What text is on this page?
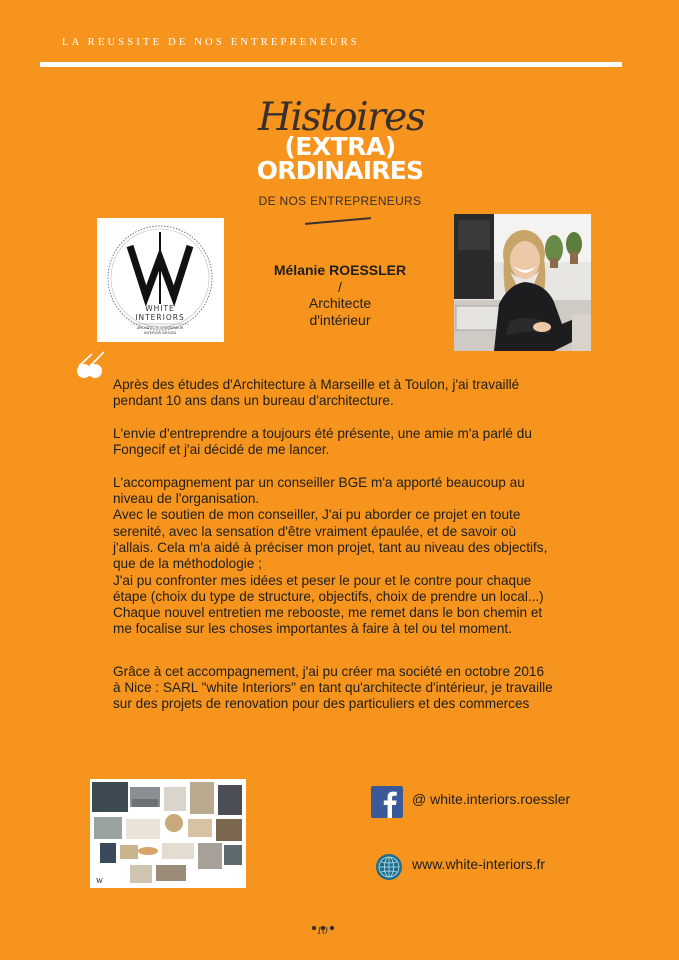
LA REUSSITE DE NOS ENTREPRENEURS
Histoires
(EXTRA)
ORDINAIRES
DE NOS ENTREPRENEURS
WHITE
INTERIORS
ARCHITECTE D'INTERIEUR
INTERIOR DESIGN
Mélanie ROESSLER
/
Architecte
d'intérieur

Après des études d'Architecture à Marseille et à Toulon, j'ai travaillé

pendant 10 ans dans un bureau d'architecture.

L'envie d'entreprendre a toujours été présente, une amie m'a parlé du

Fongecif et j'ai décidé de me lancer.

L'accompagnement par un conseiller BGE m'a apporté beaucoup au

niveau de l'organisation.

Avec le soutien de mon conseiller, J'ai pu aborder ce projet en toute

serenité, avec la sensation d'être vraiment épaulée, et de savoir où

j'allais. Cela m'a aidé à préciser mon projet, tant au niveau des objectifs,

que de la méthodologie ;

J'ai pu confronter mes idées et peser le pour et le contre pour chaque

étape (choix du type de structure, objectifs, choix de prendre un local...)

Chaque nouvel entretien me rebooste, me remet dans le bon chemin et

me focalise sur les choses importantes à faire à tel ou tel moment.

Grâce à cet accompagnement, j'ai pu créer ma société en octobre 2016

à Nice : SARL "white Interiors" en tant qu'architecte d'intérieur, je travaille

sur des projets de renovation pour des particuliers et des commerces

w
@ white.interiors.roessler
www.white-interiors.fr
10
